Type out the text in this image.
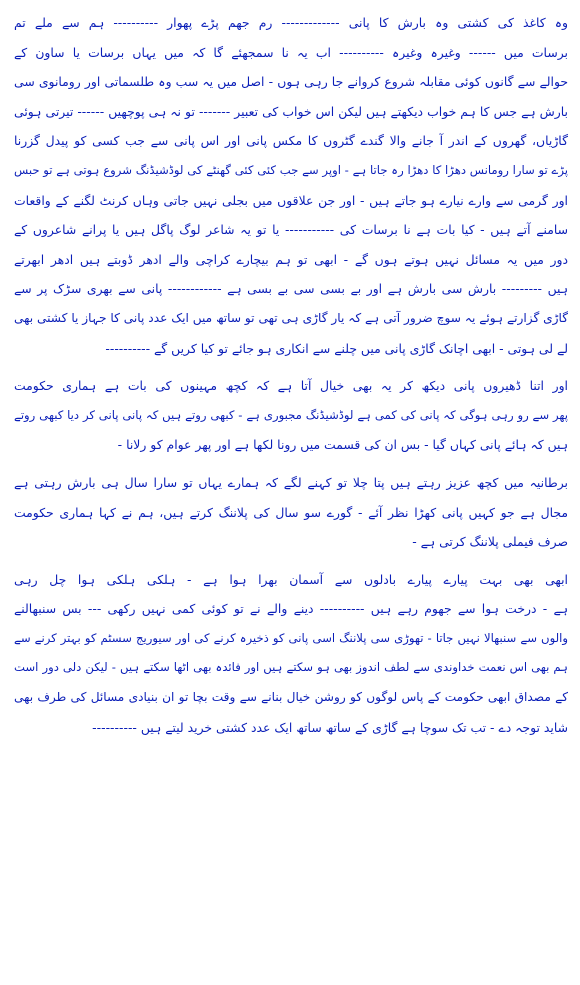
وہ کاغذ کی کشتی وہ بارش کا پانی ------------- رم جھم پڑے پھوار ---------- ہم سے ملے تم
برسات میں ------ وغیرہ وغیرہ ---------- اب یہ نا سمجھئے گا کہ میں یہاں برسات یا ساون کے
حوالے سے گانوں کوئی مقابلہ شروع کروانے جا رہی ہوں - اصل میں یہ سب وہ طلسماتی اور رومانوی سی
بارش ہے جس کا ہم خواب دیکھتے ہیں لیکن اس خواب کی تعبیر ------- تو نہ ہی پوچھیں ------ تیرتی ہوئی
گاڑیاں، گھروں کے اندر آ جانے والا گندے گٹروں کا مکس پانی اور اس پانی سے جب کسی کو پیدل گزرنا
پڑے تو سارا رومانس دھڑا کا دھڑا رہ جاتا ہے - اوپر سے جب کئی کئی گھنٹے کی لوڈشیڈنگ شروع ہوتی ہے تو حبس
اور گرمی سے وارے نیارے ہو جاتے ہیں - اور جن علاقوں میں بجلی نہیں جاتی وہاں کرنٹ لگنے کے واقعات
سامنے آتے ہیں - کیا بات ہے نا برسات کی ----------- یا تو یہ شاعر لوگ پاگل ہیں یا پرانے شاعروں کے
دور میں یہ مسائل نہیں ہوتے ہوں گے - ابھی تو ہم بیچارے کراچی والے ادھر ڈوبتے ہیں ادھر ابھرتے
ہیں --------- بارش سی بارش ہے اور بے بسی سی بے بسی ہے ------------ پانی سے بھری سڑک پر سے
گاڑی گزارتے ہوئے یہ سوچ ضرور آتی ہے کہ یار گاڑی ہی تھی تو ساتھ میں ایک عدد پانی کا جہاز یا کشتی بھی
لے لی ہوتی - ابھی اچانک گاڑی پانی میں چلنے سے انکاری ہو جائے تو کیا کریں گے ----------
اور اتنا ڈھیروں پانی دیکھ کر یہ بھی خیال آتا ہے کہ کچھ مہینوں کی بات ہے ہماری حکومت
پھر سے رو رہی ہوگی کہ پانی کی کمی ہے لوڈشیڈنگ مجبوری ہے - کبھی روتے ہیں کہ پانی پانی کر دیا کبھی روتے
ہیں کہ ہائے پانی کہاں گیا - بس ان کی قسمت میں رونا لکھا ہے اور پھر عوام کو رلانا -
برطانیہ میں کچھ عزیز رہتے ہیں پتا چلا تو کہنے لگے کہ ہمارے یہاں تو سارا سال ہی بارش رہتی ہے
مجال ہے جو کہیں پانی کھڑا نظر آئے - گورے سو سال کی پلاننگ کرتے ہیں، ہم نے کہا ہماری حکومت
صرف فیملی پلاننگ کرتی ہے -
ابھی بھی بہت پیارے پیارے بادلوں سے آسمان بھرا ہوا ہے - ہلکی ہلکی ہوا چل رہی
ہے - درخت ہوا سے جھوم رہے ہیں ---------- دینے والے نے تو کوئی کمی نہیں رکھی --- بس سنبھالنے
والوں سے سنبھالا نہیں جاتا - تھوڑی سی پلاننگ اسی پانی کو ذخیرہ کرنے کی اور سیوریج سسٹم کو بہتر کرنے سے
ہم بھی اس نعمت خداوندی سے لطف اندوز بھی ہو سکتے ہیں اور فائدہ بھی اٹھا سکتے ہیں - لیکن دلی دور است
کے مصداق ابھی حکومت کے پاس لوگوں کو روشن خیال بنانے سے وقت بچا تو ان بنیادی مسائل کی طرف بھی
شاید توجہ دے - تب تک سوچا ہے گاڑی کے ساتھ ساتھ ایک عدد کشتی خرید لیتے ہیں ----------
